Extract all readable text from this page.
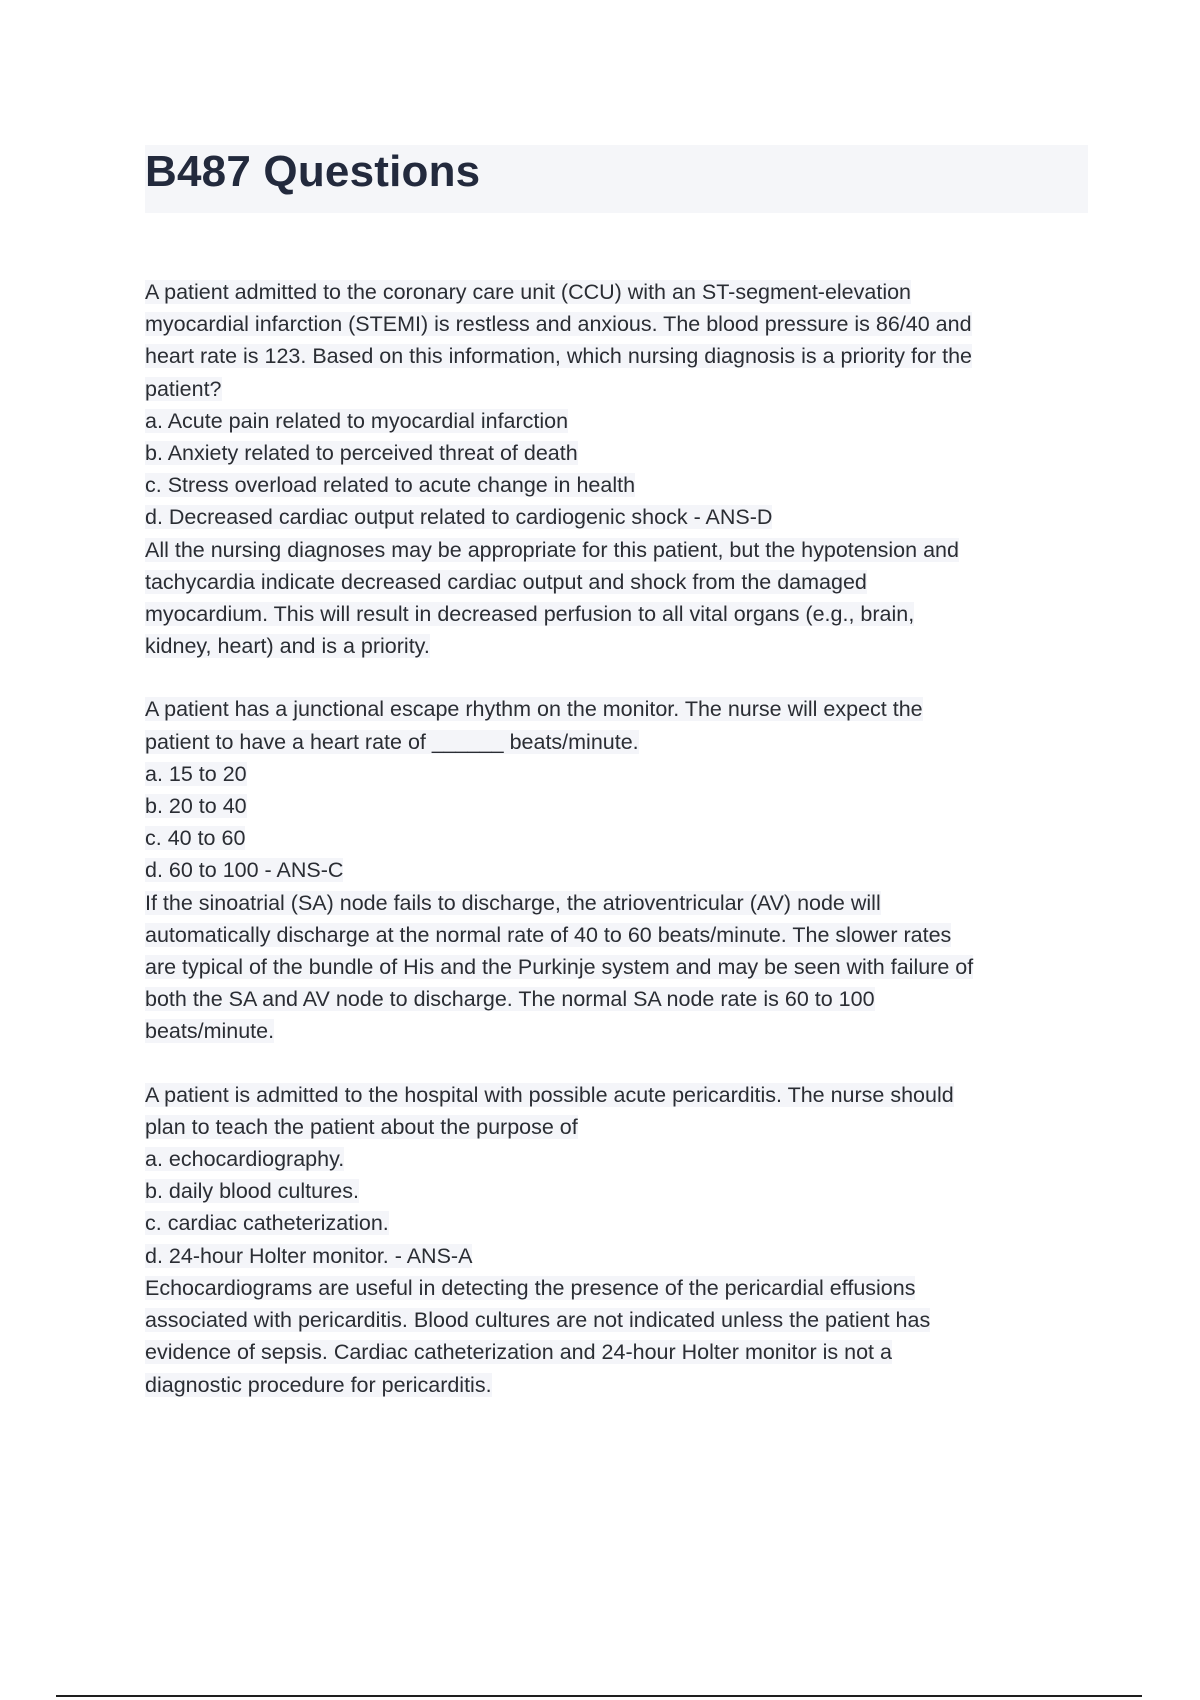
B487 Questions
A patient admitted to the coronary care unit (CCU) with an ST-segment-elevation
myocardial infarction (STEMI) is restless and anxious. The blood pressure is 86/40 and
heart rate is 123. Based on this information, which nursing diagnosis is a priority for the
patient?
a. Acute pain related to myocardial infarction
b. Anxiety related to perceived threat of death
c. Stress overload related to acute change in health
d. Decreased cardiac output related to cardiogenic shock - ANS-D
All the nursing diagnoses may be appropriate for this patient, but the hypotension and
tachycardia indicate decreased cardiac output and shock from the damaged
myocardium. This will result in decreased perfusion to all vital organs (e.g., brain,
kidney, heart) and is a priority.
A patient has a junctional escape rhythm on the monitor. The nurse will expect the
patient to have a heart rate of ______ beats/minute.
a. 15 to 20
b. 20 to 40
c. 40 to 60
d. 60 to 100 - ANS-C
If the sinoatrial (SA) node fails to discharge, the atrioventricular (AV) node will
automatically discharge at the normal rate of 40 to 60 beats/minute. The slower rates
are typical of the bundle of His and the Purkinje system and may be seen with failure of
both the SA and AV node to discharge. The normal SA node rate is 60 to 100
beats/minute.
A patient is admitted to the hospital with possible acute pericarditis. The nurse should
plan to teach the patient about the purpose of
a. echocardiography.
b. daily blood cultures.
c. cardiac catheterization.
d. 24-hour Holter monitor. - ANS-A
Echocardiograms are useful in detecting the presence of the pericardial effusions
associated with pericarditis. Blood cultures are not indicated unless the patient has
evidence of sepsis. Cardiac catheterization and 24-hour Holter monitor is not a
diagnostic procedure for pericarditis.
